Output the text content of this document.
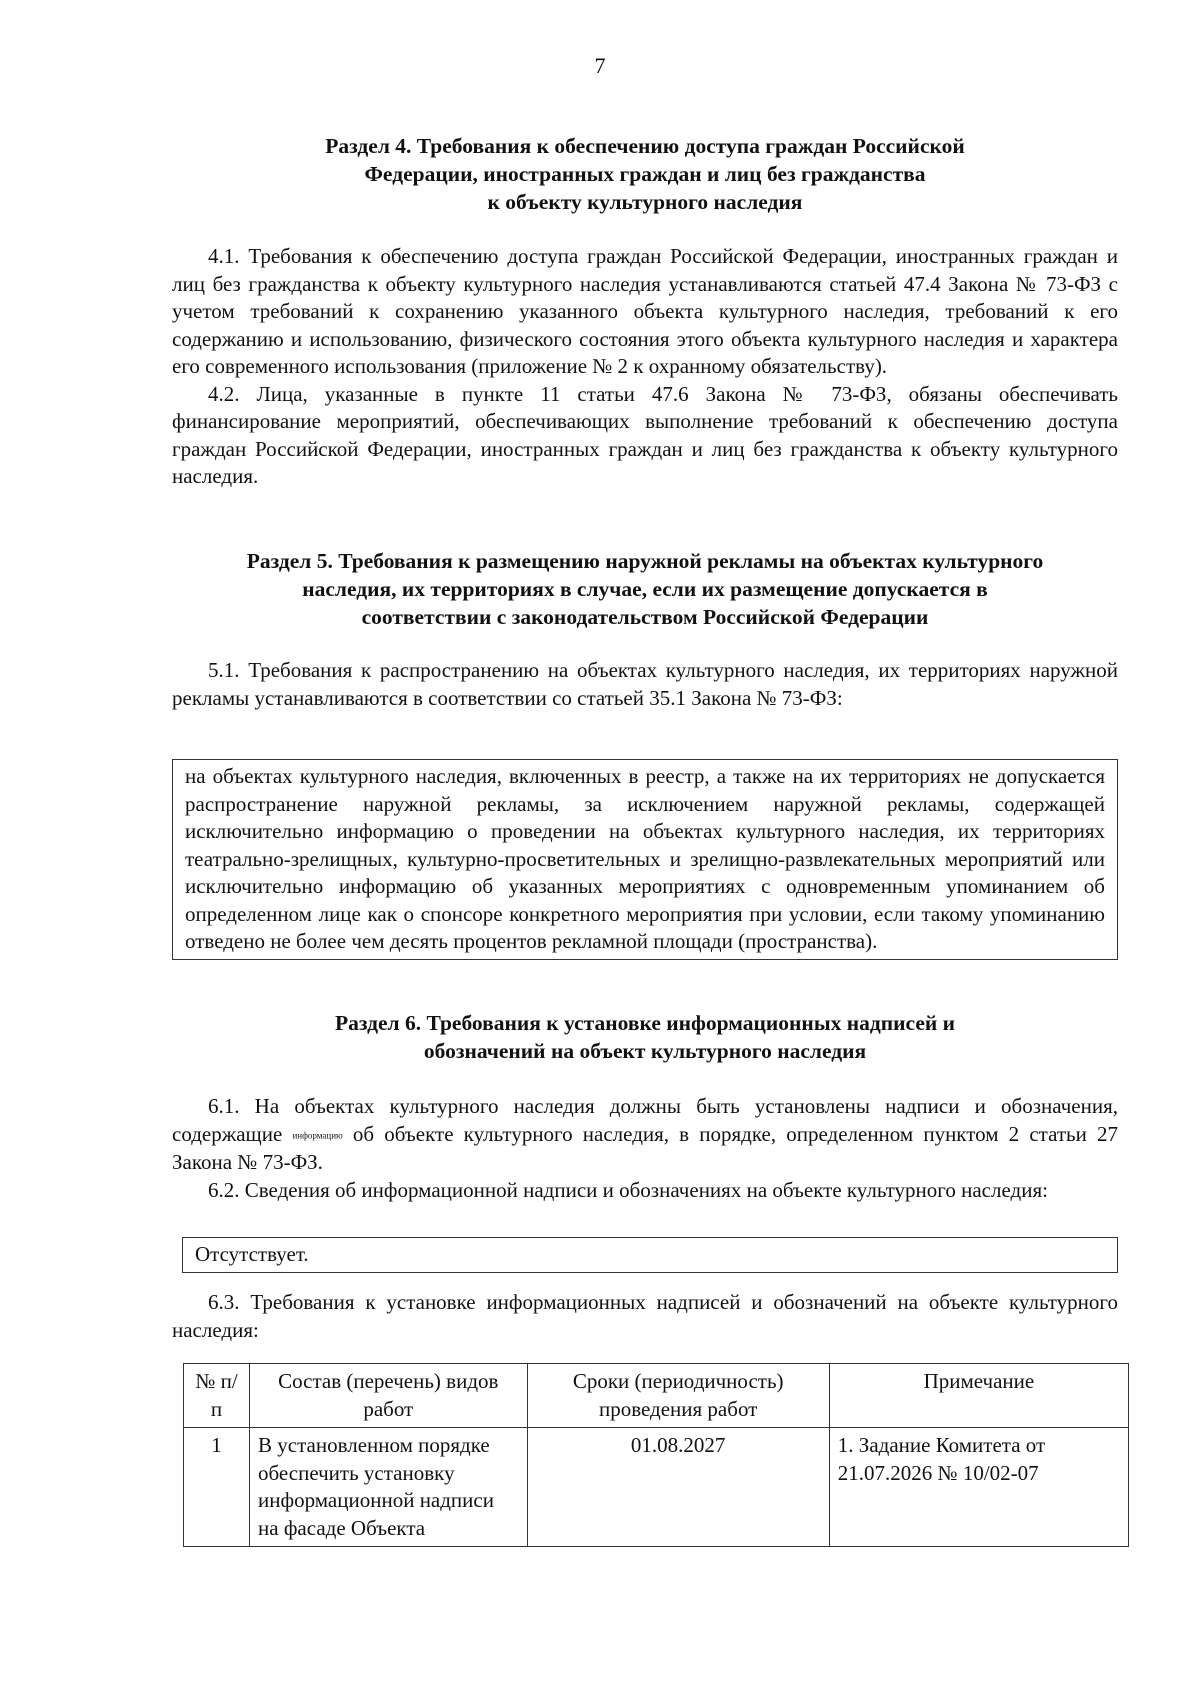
7
Раздел 4. Требования к обеспечению доступа граждан Российской
Федерации, иностранных граждан и лиц без гражданства
к объекту культурного наследия

4.1. Требования к обеспечению доступа граждан Российской Федерации, иностранных граждан и лиц без гражданства к объекту культурного наследия устанавливаются статьей 47.4 Закона № 73-ФЗ с учетом требований к сохранению указанного объекта культурного наследия, требований к его содержанию и использованию, физического состояния этого объекта культурного наследия и характера его современного использования (приложение № 2 к охранному обязательству).

4.2. Лица, указанные в пункте 11 статьи 47.6 Закона № 73-ФЗ, обязаны обеспечивать финансирование мероприятий, обеспечивающих выполнение требований к обеспечению доступа граждан Российской Федерации, иностранных граждан и лиц без гражданства к объекту культурного наследия.

Раздел 5. Требования к размещению наружной рекламы на объектах культурного
наследия, их территориях в случае, если их размещение допускается в
соответствии с законодательством Российской Федерации

5.1. Требования к распространению на объектах культурного наследия, их территориях наружной рекламы устанавливаются в соответствии со статьей 35.1 Закона № 73-ФЗ:

на объектах культурного наследия, включенных в реестр, а также на их территориях не допускается распространение наружной рекламы, за исключением наружной рекламы, содержащей исключительно информацию о проведении на объектах культурного наследия, их территориях театрально-зрелищных, культурно-просветительных и зрелищно-развлекательных мероприятий или исключительно информацию об указанных мероприятиях с одновременным упоминанием об определенном лице как о спонсоре конкретного мероприятия при условии, если такому упоминанию отведено не более чем десять процентов рекламной площади (пространства).
Раздел 6. Требования к установке информационных надписей и
обозначений на объект культурного наследия

6.1. На объектах культурного наследия должны быть установлены надписи и обозначения, содержащие информацию об объекте культурного наследия, в порядке, определенном пунктом 2 статьи 27 Закона № 73-ФЗ.

6.2. Сведения об информационной надписи и обозначениях на объекте культурного наследия:

Отсутствует.

6.3. Требования к установке информационных надписей и обозначений на объекте культурного наследия:

№ п/п	Состав (перечень) видов работ	Сроки (периодичность) проведения работ	Примечание
1	В установленном порядке обеспечить установку информационной надписи на фасаде Объекта	01.08.2027	1. Задание Комитета от 21.07.2026 № 10/02-07
